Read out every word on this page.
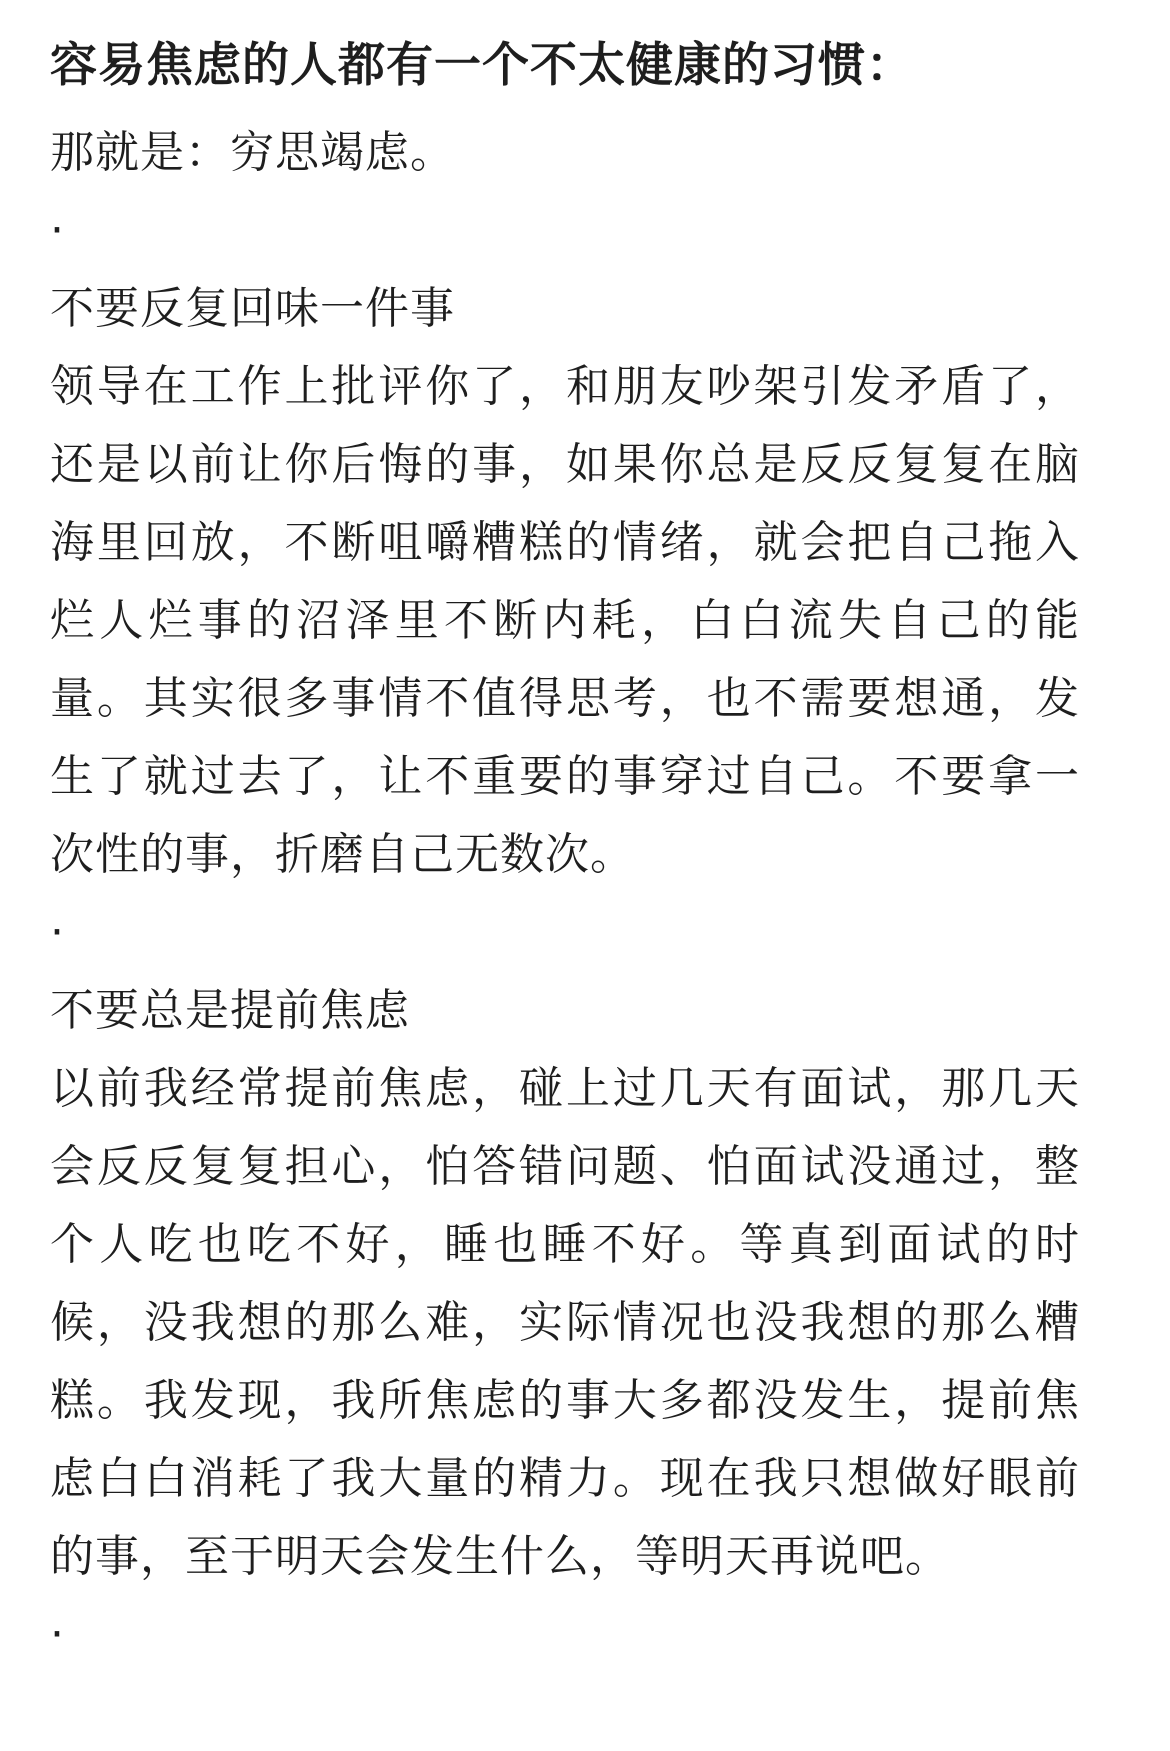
容易焦虑的人都有一个不太健康的习惯：

那就是：穷思竭虑。

·

不要反复回味一件事

领导在工作上批评你了，和朋友吵架引发矛盾了，还是以前让你后悔的事，如果你总是反反复复在脑海里回放，不断咀嚼糟糕的情绪，就会把自己拖入烂人烂事的沼泽里不断内耗，白白流失自己的能量。其实很多事情不值得思考，也不需要想通，发生了就过去了，让不重要的事穿过自己。不要拿一次性的事，折磨自己无数次。

·

不要总是提前焦虑

以前我经常提前焦虑，碰上过几天有面试，那几天会反反复复担心，怕答错问题、怕面试没通过，整个人吃也吃不好，睡也睡不好。等真到面试的时候，没我想的那么难，实际情况也没我想的那么糟糕。我发现，我所焦虑的事大多都没发生，提前焦虑白白消耗了我大量的精力。现在我只想做好眼前的事，至于明天会发生什么，等明天再说吧。

·
